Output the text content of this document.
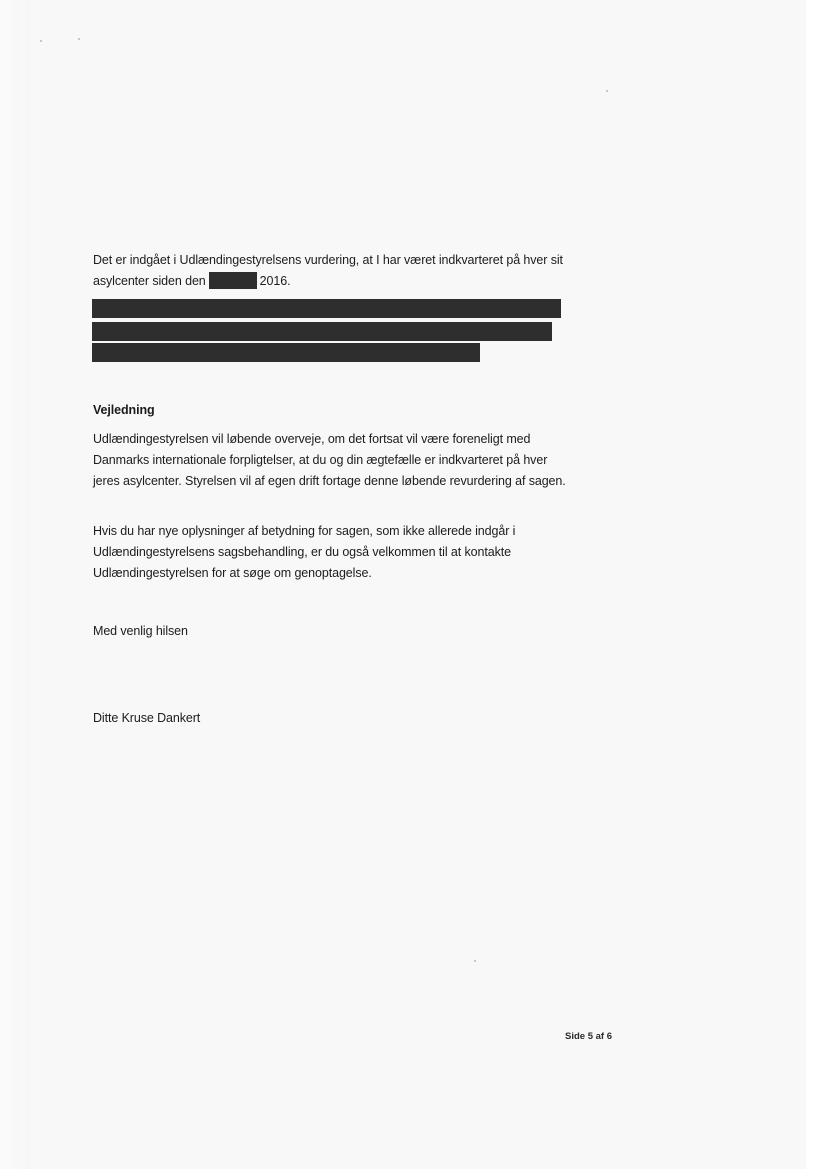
Det er indgået i Udlændingestyrelsens vurdering, at I har været indkvarteret på hver sit asylcenter siden den	2016.

Vejledning

Udlændingestyrelsen vil løbende overveje, om det fortsat vil være foreneligt med Danmarks internationale forpligtelser, at du og din ægtefælle er indkvarteret på hver jeres asylcenter. Styrelsen vil af egen drift fortage denne løbende revurdering af sagen.

Hvis du har nye oplysninger af betydning for sagen, som ikke allerede indgår i Udlændingestyrelsens sagsbehandling, er du også velkommen til at kontakte Udlændingestyrelsen for at søge om genoptagelse.

Med venlig hilsen

Ditte Kruse Dankert

Side 5 af 6
